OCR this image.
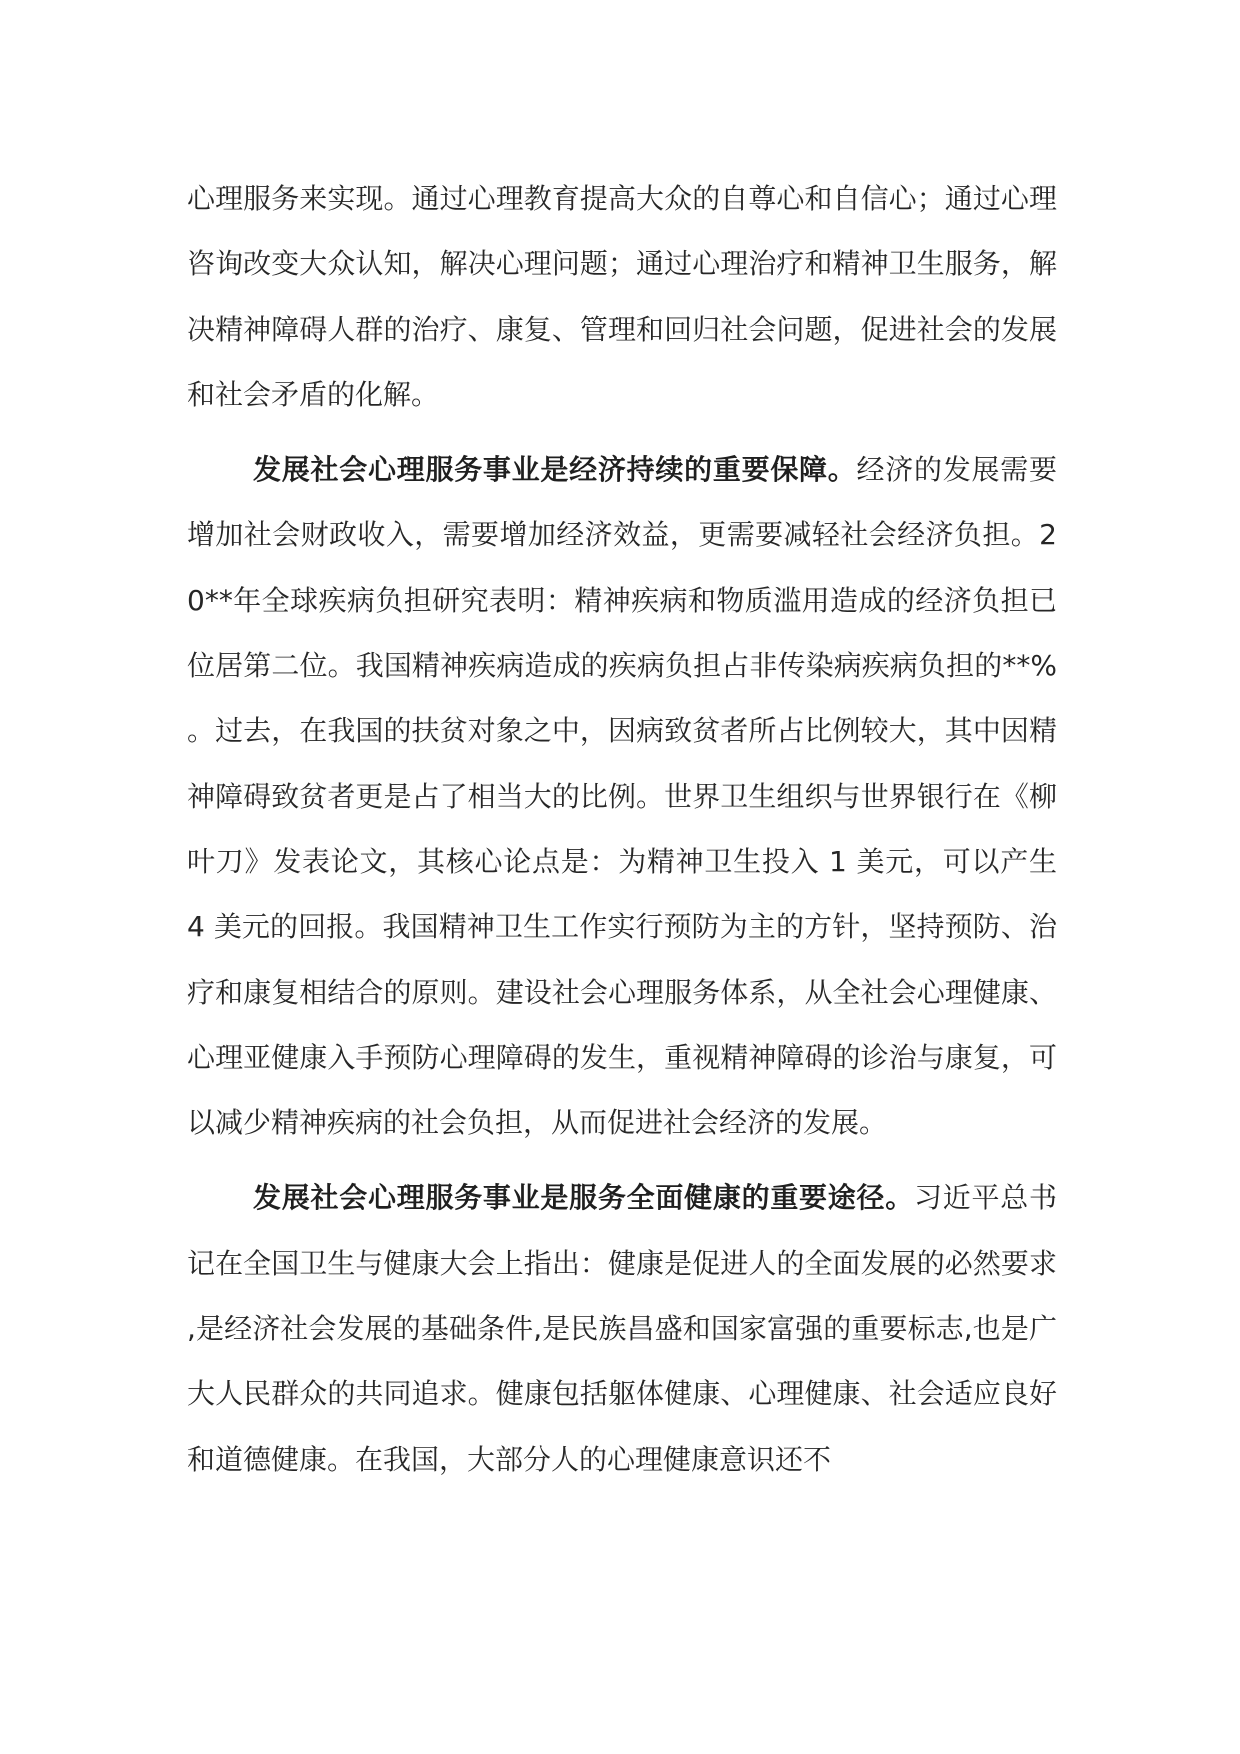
心理服务来实现。通过心理教育提高大众的自尊心和自信心；通过心理咨询改变大众认知，解决心理问题；通过心理治疗和精神卫生服务，解决精神障碍人群的治疗、康复、管理和回归社会问题，促进社会的发展和社会矛盾的化解。

发展社会心理服务事业是经济持续的重要保障。经济的发展需要增加社会财政收入，需要增加经济效益，更需要减轻社会经济负担。20**年全球疾病负担研究表明：精神疾病和物质滥用造成的经济负担已位居第二位。我国精神疾病造成的疾病负担占非传染病疾病负担的**%。过去，在我国的扶贫对象之中，因病致贫者所占比例较大，其中因精神障碍致贫者更是占了相当大的比例。世界卫生组织与世界银行在《柳叶刀》发表论文，其核心论点是：为精神卫生投入 1 美元，可以产生 4 美元的回报。我国精神卫生工作实行预防为主的方针，坚持预防、治疗和康复相结合的原则。建设社会心理服务体系，从全社会心理健康、心理亚健康入手预防心理障碍的发生，重视精神障碍的诊治与康复，可以减少精神疾病的社会负担，从而促进社会经济的发展。

发展社会心理服务事业是服务全面健康的重要途径。习近平总书记在全国卫生与健康大会上指出：健康是促进人的全面发展的必然要求,是经济社会发展的基础条件,是民族昌盛和国家富强的重要标志,也是广大人民群众的共同追求。健康包括躯体健康、心理健康、社会适应良好和道德健康。在我国，大部分人的心理健康意识还不
